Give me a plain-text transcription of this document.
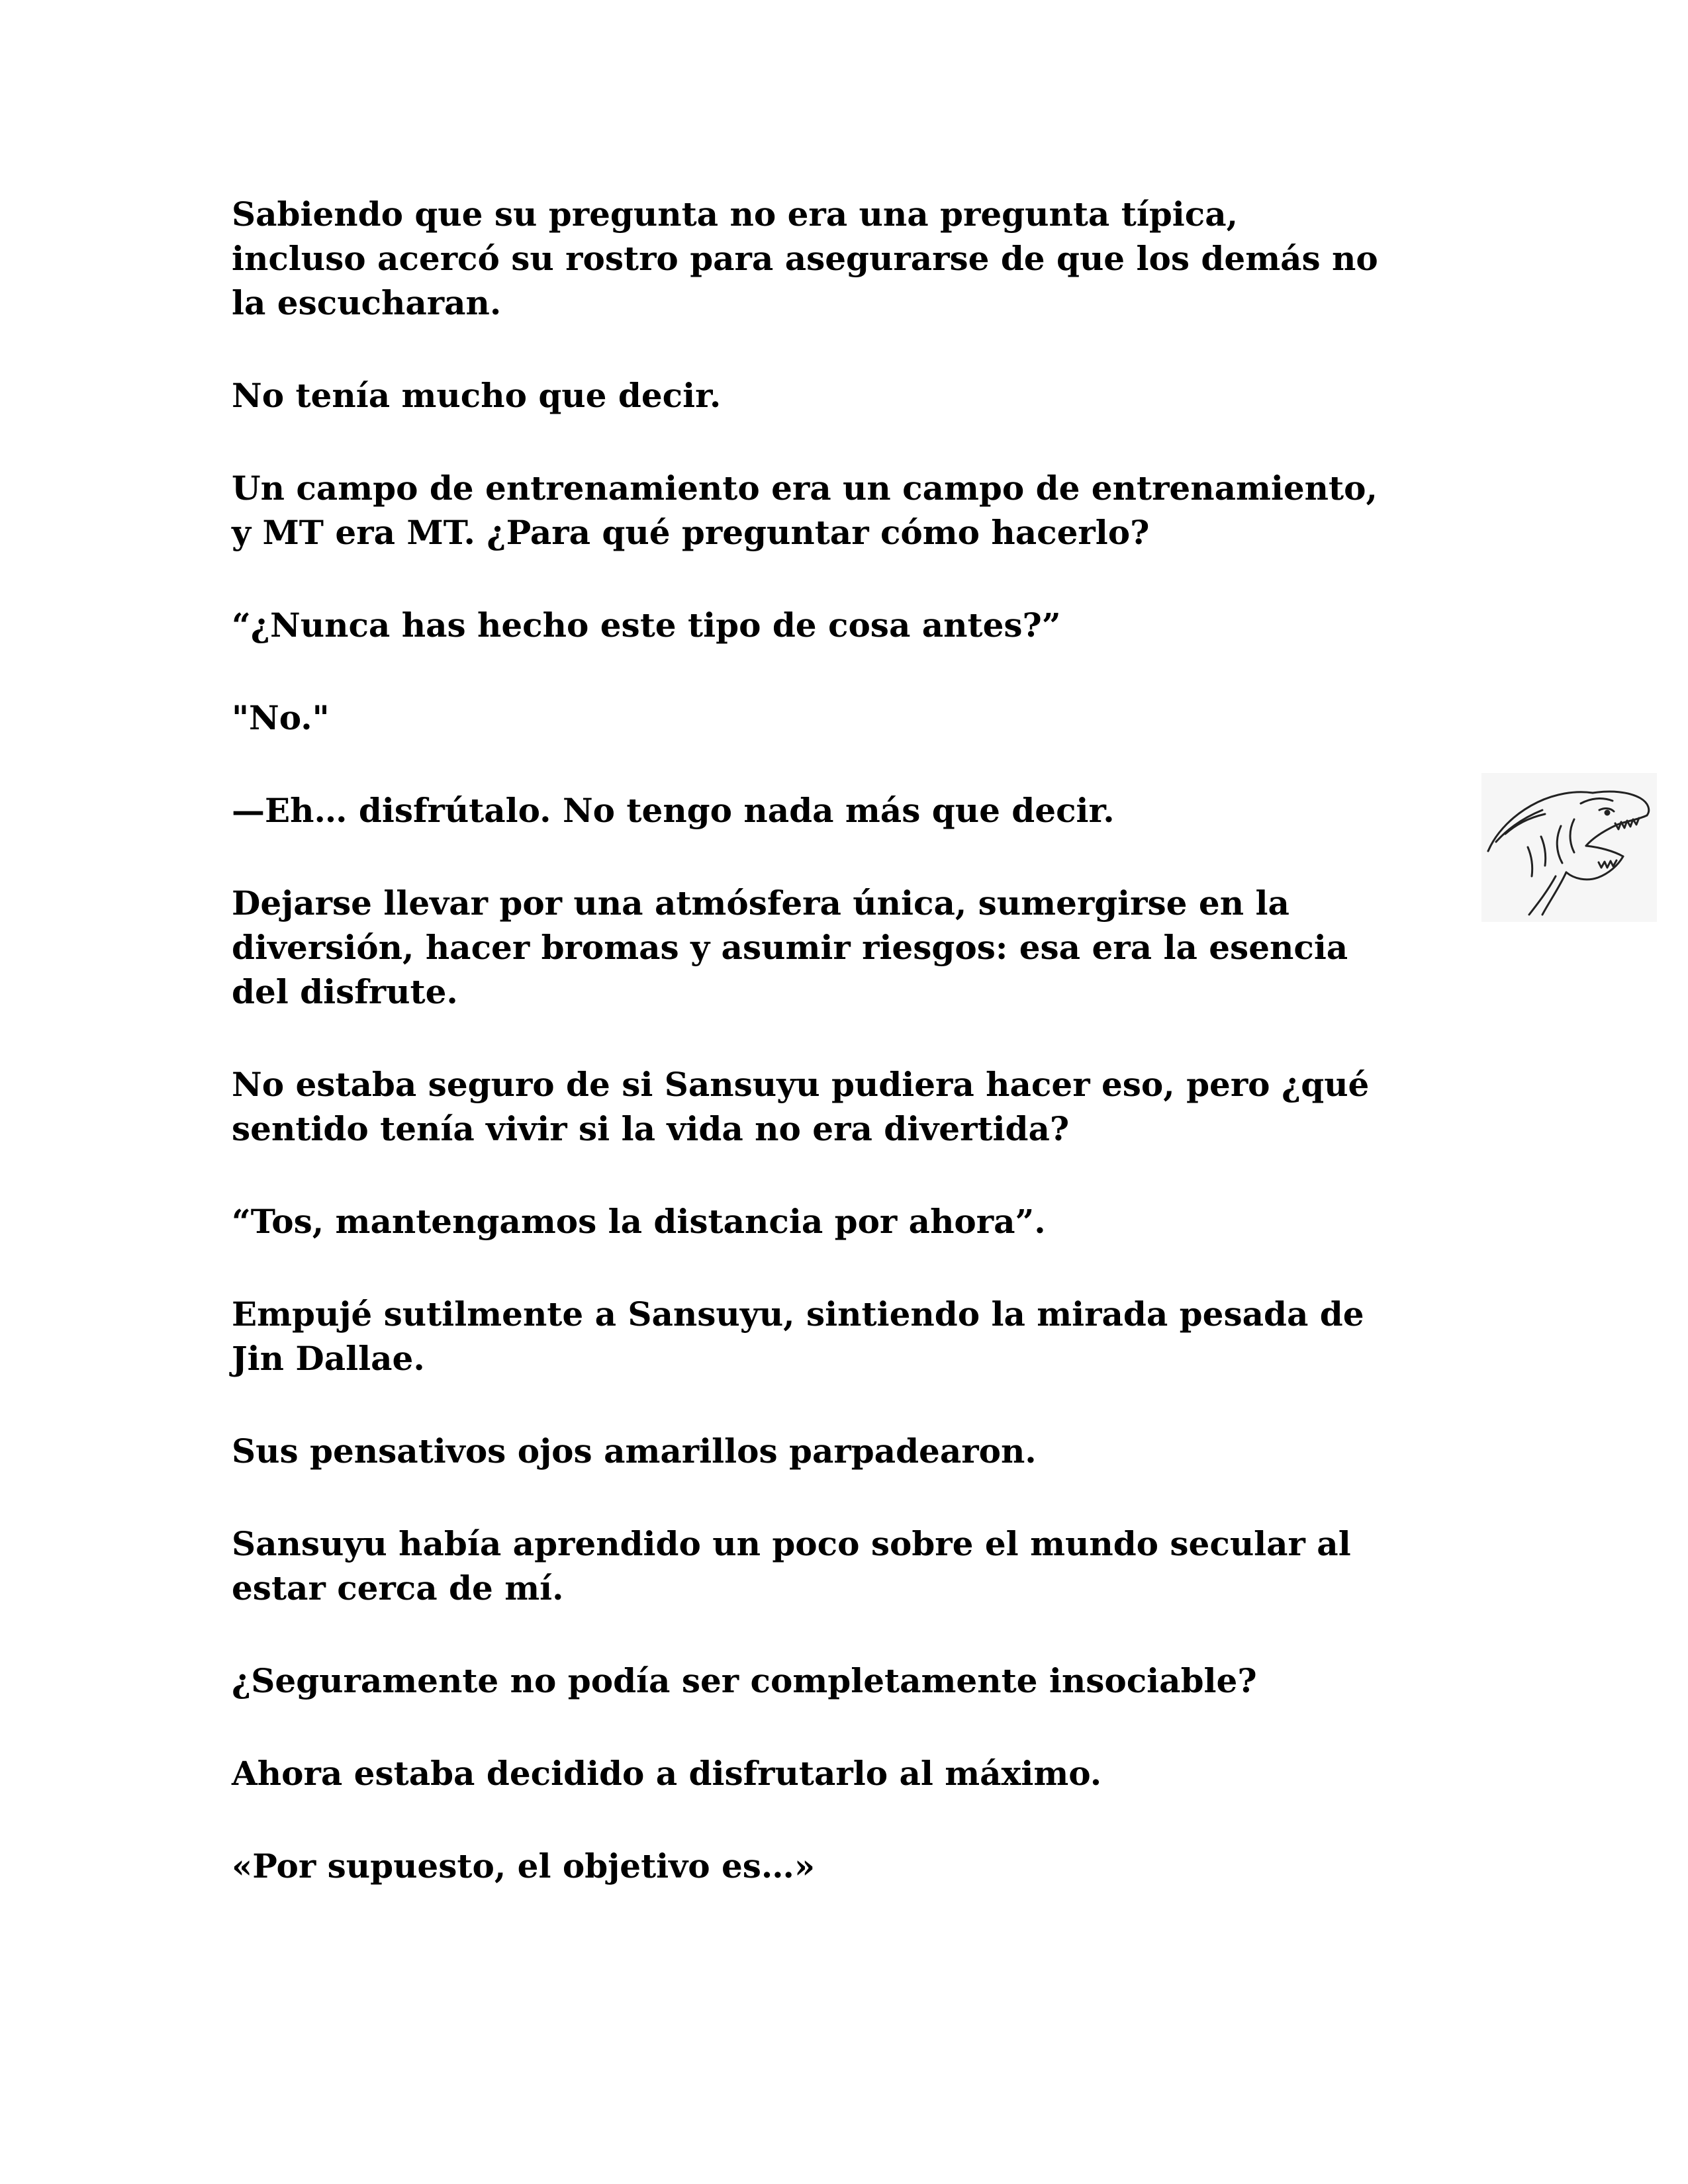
Sabiendo que su pregunta no era una pregunta típica,
incluso acercó su rostro para asegurarse de que los demás no
la escucharan.

No tenía mucho que decir.

Un campo de entrenamiento era un campo de entrenamiento,
y MT era MT. ¿Para qué preguntar cómo hacerlo?

“¿Nunca has hecho este tipo de cosa antes?”

"No."

—Eh… disfrútalo. No tengo nada más que decir.

Dejarse llevar por una atmósfera única, sumergirse en la
diversión, hacer bromas y asumir riesgos: esa era la esencia
del disfrute.

No estaba seguro de si Sansuyu pudiera hacer eso, pero ¿qué
sentido tenía vivir si la vida no era divertida?

“Tos, mantengamos la distancia por ahora”.

Empujé sutilmente a Sansuyu, sintiendo la mirada pesada de
Jin Dallae.

Sus pensativos ojos amarillos parpadearon.

Sansuyu había aprendido un poco sobre el mundo secular al
estar cerca de mí.

¿Seguramente no podía ser completamente insociable?

Ahora estaba decidido a disfrutarlo al máximo.

«Por supuesto, el objetivo es…»
